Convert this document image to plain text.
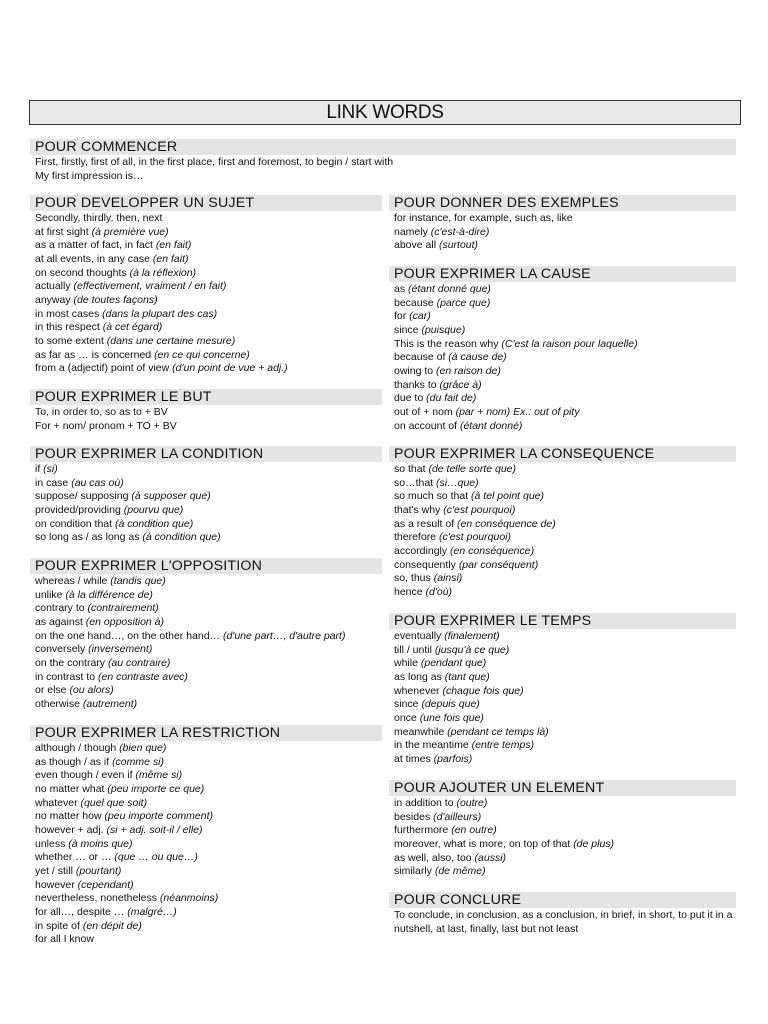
LINK WORDS
POUR COMMENCER
First, firstly, first of all, in the first place, first and foremost, to begin / start with
My first impression is…
POUR DEVELOPPER UN SUJET
Secondly, thirdly, then, next
at first sight (à première vue)
as a matter of fact, in fact (en fait)
at all events, in any case (en fait)
on second thoughts (à la réflexion)
actually (effectivement, vraiment / en fait)
anyway (de toutes façons)
in most cases (dans la plupart des cas)
in this respect (à cet égard)
to some extent (dans une certaine mesure)
as far as … is concerned (en ce qui concerne)
from a (adjectif) point of view (d'un point de vue + adj.)
POUR EXPRIMER LE BUT
To, in order to, so as to + BV
For + nom/ pronom + TO + BV
POUR EXPRIMER LA CONDITION
if (si)
in case (au cas où)
suppose/ supposing (à supposer que)
provided/providing (pourvu que)
on condition that (à condition que)
so long as / as long as (à condition que)
POUR EXPRIMER L'OPPOSITION
whereas / while (tandis que)
unlike (à la différence de)
contrary to (contrairement)
as against (en opposition à)
on the one hand…, on the other hand… (d'une part…, d'autre part)
conversely (inversement)
on the contrary (au contraire)
in contrast to (en contraste avec)
or else (ou alors)
otherwise (autrement)
POUR EXPRIMER LA RESTRICTION
although / though (bien que)
as though / as if (comme si)
even though / even if (même si)
no matter what (peu importe ce que)
whatever (quel que soit)
no matter how (peu importe comment)
however + adj. (si + adj. soit-il / elle)
unless (à moins que)
whether … or … (que … ou que…)
yet / still (pourtant)
however (cependant)
nevertheless, nonetheless (néanmoins)
for all…, despite … (malgré…)
in spite of (en dépit de)
for all I know
POUR DONNER DES EXEMPLES
for instance, for example, such as, like
namely (c'est-à-dire)
above all (surtout)
POUR EXPRIMER LA CAUSE
as (étant donné que)
because (parce que)
for (car)
since (puisque)
This is the reason why (C'est la raison pour laquelle)
because of (à cause de)
owing to (en raison de)
thanks to (grâce à)
due to (du fait de)
out of + nom (par + nom) Ex.: out of pity
on account of (étant donné)
POUR EXPRIMER LA CONSEQUENCE
so that (de telle sorte que)
so…that (si…que)
so much so that (à tel point que)
that's why (c'est pourquoi)
as a result of (en conséquence de)
therefore (c'est pourquoi)
accordingly (en conséquence)
consequently (par conséquent)
so, thus (ainsi)
hence (d'où)
POUR EXPRIMER LE TEMPS
eventually (finalement)
till / until (jusqu'à ce que)
while (pendant que)
as long as (tant que)
whenever (chaque fois que)
since (depuis que)
once (une fois que)
meanwhile (pendant ce temps là)
in the meantime (entre temps)
at times (parfois)
POUR AJOUTER UN ELEMENT
in addition to (outre)
besides (d'ailleurs)
furthermore (en outre)
moreover, what is more, on top of that (de plus)
as well, also, too (aussi)
similarly (de même)
POUR CONCLURE
To conclude, in conclusion, as a conclusion, in brief, in short, to put it in a nutshell, at last, finally, last but not least
